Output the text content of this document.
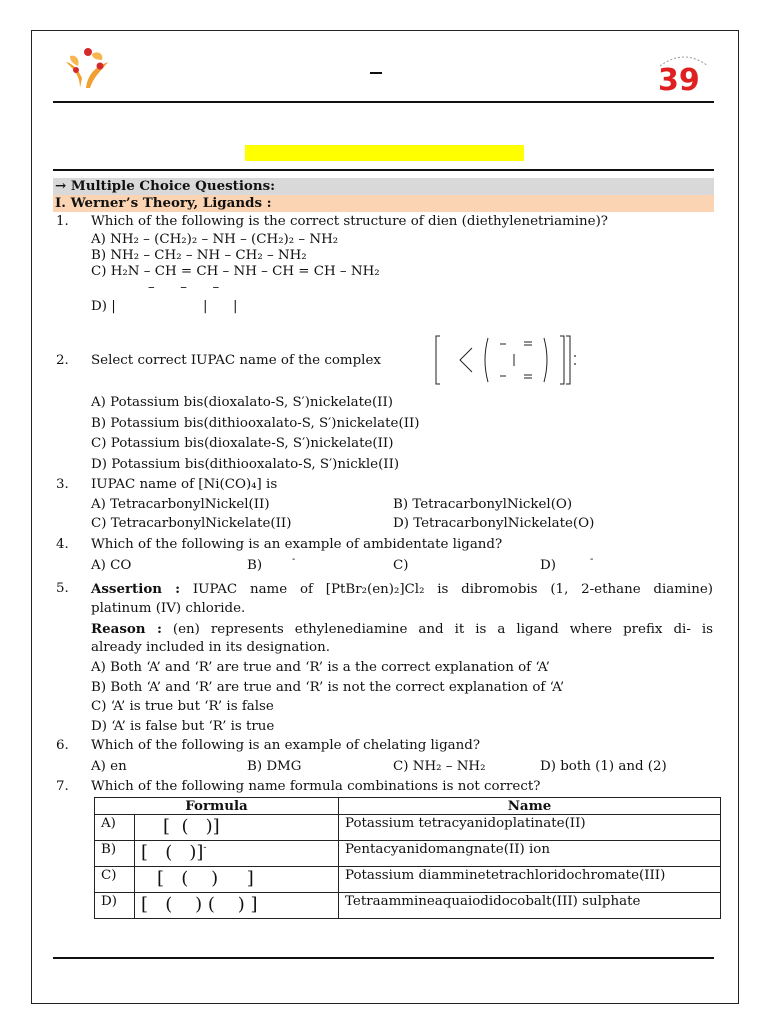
39
→ Multiple Choice Questions:
I. Werner’s Theory, Ligands :
1. Which of the following is the correct structure of dien (diethylenetriamine)?
A) NH₂ – (CH₂)₂ – NH – (CH₂)₂ – NH₂
B) NH₂ – CH₂ – NH – CH₂ – NH₂
C) H₂N – CH = CH – NH – CH = CH – NH₂
–      –      –
D) |	|      |
2. Select correct IUPAC name of the complex
A) Potassium bis(dioxalato-S, S′)nickelate(II)
B) Potassium bis(dithiooxalato-S, S′)nickelate(II)
C) Potassium bis(dioxalate-S, S′)nickelate(II)
D) Potassium bis(dithiooxalato-S, S′)nickle(II)
3. IUPAC name of [Ni(CO)₄] is
A) TetracarbonylNickel(II)	B) TetracarbonylNickel(O)
C) TetracarbonylNickelate(II)	D) TetracarbonylNickelate(O)
4. Which of the following is an example of ambidentate ligand?
A) CO	B)	-	C)	D)	-
5. Assertion : IUPAC name of [PtBr₂(en)₂]Cl₂ is dibromobis (1, 2-ethane diamine)
platinum (IV) chloride.
Reason : (en) represents ethylenediamine and it is a ligand where prefix di- is
already included in its designation.
A) Both ‘A’ and ‘R’ are true and ‘R’ is a the correct explanation of ‘A’
B) Both ‘A’ and ‘R’ are true and ‘R’ is not the correct explanation of ‘A’
C) ‘A’ is true but ‘R’ is false
D) ‘A’ is false but ‘R’ is true
6. Which of the following is an example of chelating ligand?
A) en	B) DMG	C) NH₂ – NH₂	D) both (1) and (2)
7. Which of the following name formula combinations is not correct?
Formula		Name
A)	[  (   )]	Potassium tetracyanidoplatinate(II)
B)	[   (   )]-	Pentacyanidomangnate(II) ion
C)	[   (    )     ]	Potassium diamminetetrachloridochromate(III)
D)	[   (    ) (    ) ]	Tetraammineaquaiodidocobalt(III) sulphate
